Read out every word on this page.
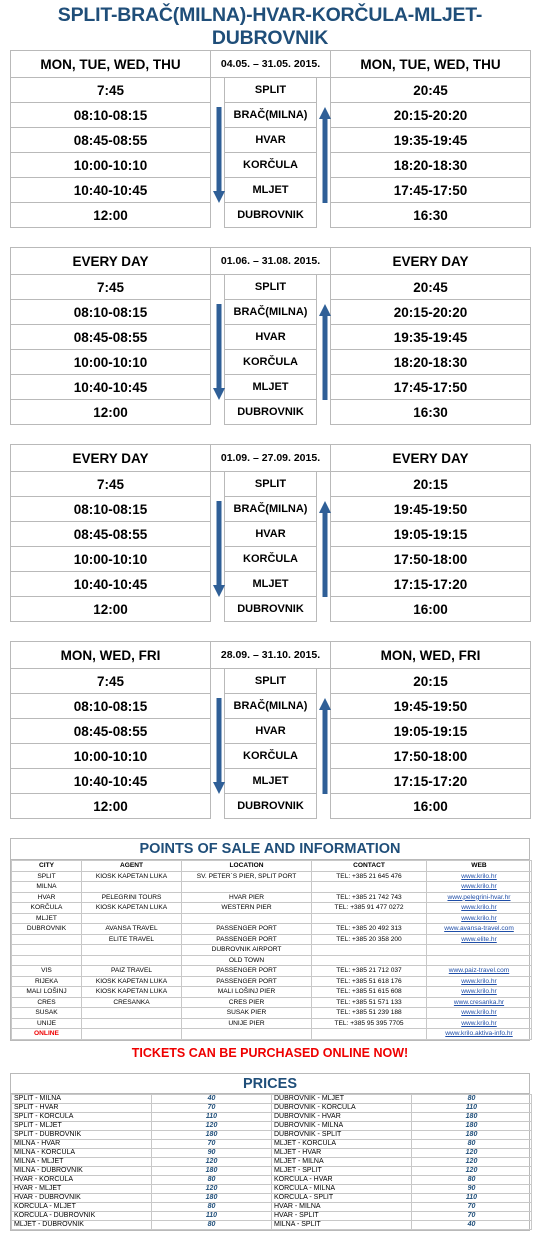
SPLIT-BRAČ(MILNA)-HVAR-KORČULA-MLJET-DUBROVNIK
MON, TUE, WED, THU	04.05. – 31.05. 2015.			MON, TUE, WED, THU
7:45		SPLIT		20:45
08:10-08:15		BRAČ(MILNA)		20:15-20:20
08:45-08:55		HVAR		19:35-19:45
10:00-10:10		KORČULA		18:20-18:30
10:40-10:45		MLJET		17:45-17:50
12:00		DUBROVNIK		16:30
EVERY DAY	01.06. – 31.08. 2015.			EVERY DAY
7:45		SPLIT		20:45
08:10-08:15		BRAČ(MILNA)		20:15-20:20
08:45-08:55		HVAR		19:35-19:45
10:00-10:10		KORČULA		18:20-18:30
10:40-10:45		MLJET		17:45-17:50
12:00		DUBROVNIK		16:30
EVERY DAY	01.09. – 27.09. 2015.			EVERY DAY
7:45		SPLIT		20:15
08:10-08:15		BRAČ(MILNA)		19:45-19:50
08:45-08:55		HVAR		19:05-19:15
10:00-10:10		KORČULA		17:50-18:00
10:40-10:45		MLJET		17:15-17:20
12:00		DUBROVNIK		16:00
MON, WED, FRI	28.09. – 31.10. 2015.			MON, WED, FRI
7:45		SPLIT		20:15
08:10-08:15		BRAČ(MILNA)		19:45-19:50
08:45-08:55		HVAR		19:05-19:15
10:00-10:10		KORČULA		17:50-18:00
10:40-10:45		MLJET		17:15-17:20
12:00		DUBROVNIK		16:00
POINTS OF SALE AND INFORMATION
CITY	AGENT	LOCATION	CONTACT	WEB
SPLIT	KIOSK KAPETAN LUKA	SV. PETER`S PIER, SPLIT PORT	TEL: +385 21 645 476	www.krilo.hr
MILNA				www.krilo.hr
HVAR	PELEGRINI TOURS	HVAR PIER	TEL: +385 21 742 743	www.pelegrini-hvar.hr
KORČULA	KIOSK KAPETAN LUKA	WESTERN PIER	TEL: +385 91 477 0272	www.krilo.hr
MLJET				www.krilo.hr
DUBROVNIK	AVANSA TRAVEL	PASSENGER PORT	TEL: +385 20 492 313	www.avansa-travel.com
	ELITE TRAVEL	PASSENGER PORT	TEL: +385 20 358 200	www.elite.hr
		DUBROVNIK AIRPORT		
		OLD TOWN		
VIS	PAIZ TRAVEL	PASSENGER PORT	TEL: +385 21 712 037	www.paiz-travel.com
RIJEKA	KIOSK KAPETAN LUKA	PASSENGER PORT	TEL: +385 51 618 176	www.krilo.hr
MALI LOŠINJ	KIOSK KAPETAN LUKA	MALI LOŠINJ PIER	TEL: +385 51 615 608	www.krilo.hr
CRES	CRESANKA	CRES PIER	TEL: +385 51 571 133	www.cresanka.hr
SUSAK		SUSAK PIER	TEL: +385 51 239 188	www.krilo.hr
UNIJE		UNIJE PIER	TEL: +385 95 395 7705	www.krilo.hr
ONLINE				www.krilo.aktiva-info.hr
TICKETS CAN BE PURCHASED ONLINE NOW!
PRICES
SPLIT - MILNA	40	DUBROVNIK - MLJET	80
SPLIT - HVAR	70	DUBROVNIK - KORČULA	110
SPLIT - KORČULA	110	DUBROVNIK - HVAR	180
SPLIT - MLJET	120	DUBROVNIK - MILNA	180
SPLIT - DUBROVNIK	180	DUBROVNIK - SPLIT	180
MILNA - HVAR	70	MLJET - KORČULA	80
MILNA - KORČULA	90	MLJET - HVAR	120
MILNA - MLJET	120	MLJET - MILNA	120
MILNA - DUBROVNIK	180	MLJET - SPLIT	120
HVAR - KORČULA	80	KORČULA - HVAR	80
HVAR - MLJET	120	KORČULA - MILNA	90
HVAR - DUBROVNIK	180	KORČULA - SPLIT	110
KORČULA - MLJET	80	HVAR - MILNA	70
KORČULA - DUBROVNIK	110	HVAR - SPLIT	70
MLJET - DUBROVNIK	80	MILNA - SPLIT	40
